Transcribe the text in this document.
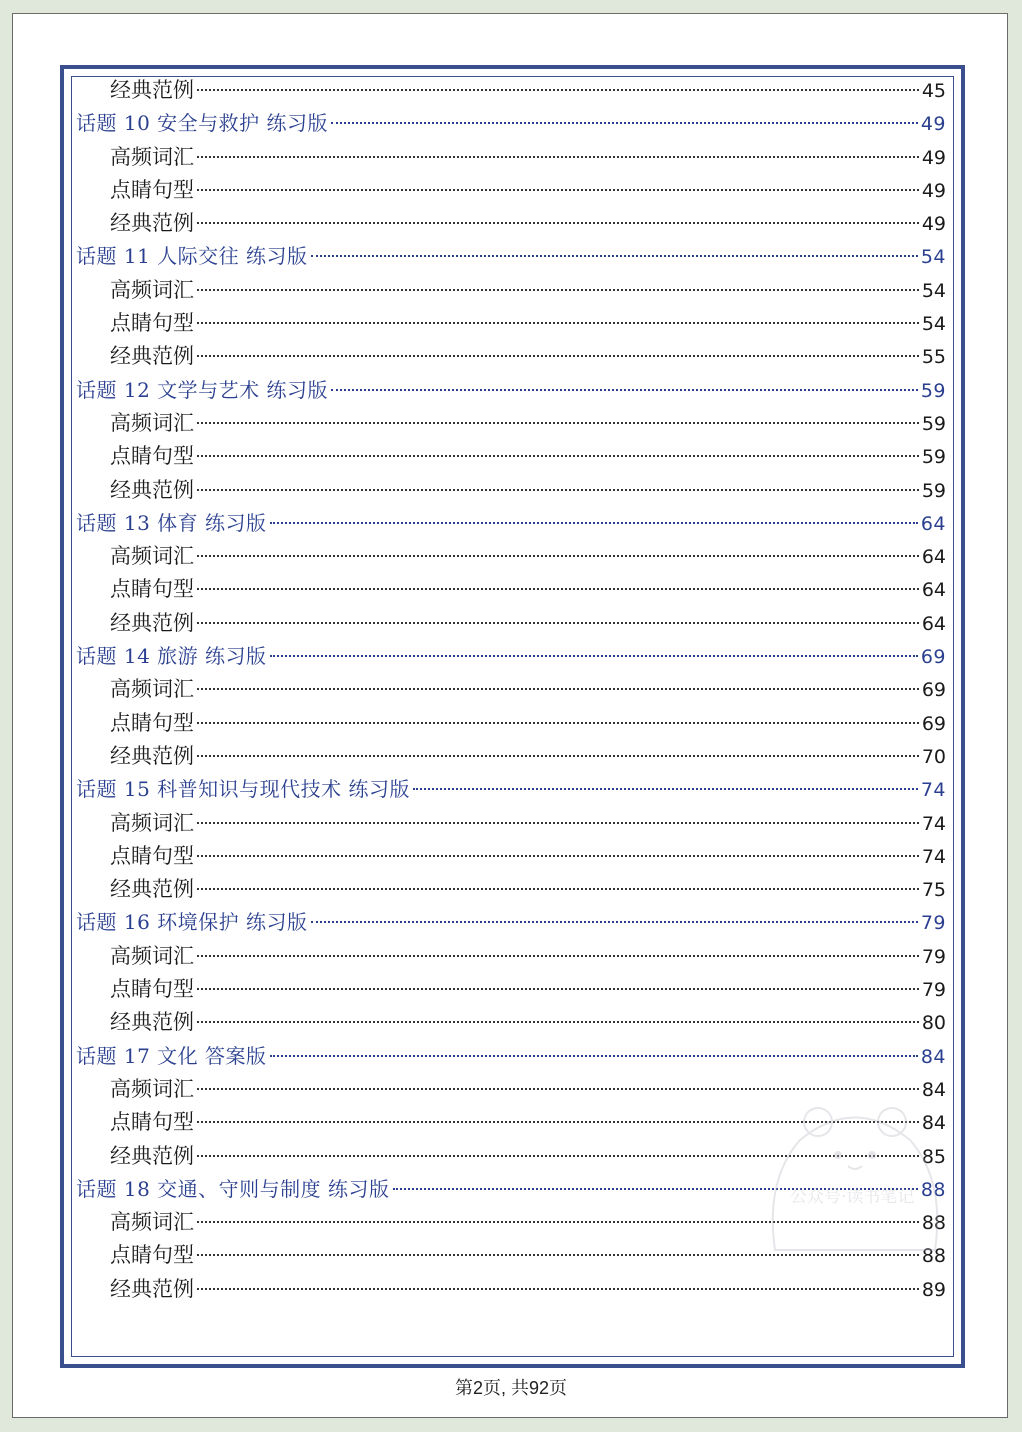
经典范例	45
话题 10 安全与救护 练习版	49
高频词汇	49
点睛句型	49
经典范例	49
话题 11 人际交往 练习版	54
高频词汇	54
点睛句型	54
经典范例	55
话题 12 文学与艺术 练习版	59
高频词汇	59
点睛句型	59
经典范例	59
话题 13 体育 练习版	64
高频词汇	64
点睛句型	64
经典范例	64
话题 14 旅游 练习版	69
高频词汇	69
点睛句型	69
经典范例	70
话题 15 科普知识与现代技术 练习版	74
高频词汇	74
点睛句型	74
经典范例	75
话题 16 环境保护 练习版	79
高频词汇	79
点睛句型	79
经典范例	80
话题 17 文化 答案版	84
高频词汇	84
点睛句型	84
经典范例	85
话题 18 交通、守则与制度 练习版	88
高频词汇	88
点睛句型	88
经典范例	89
公众号·读书笔记
第2页, 共92页
